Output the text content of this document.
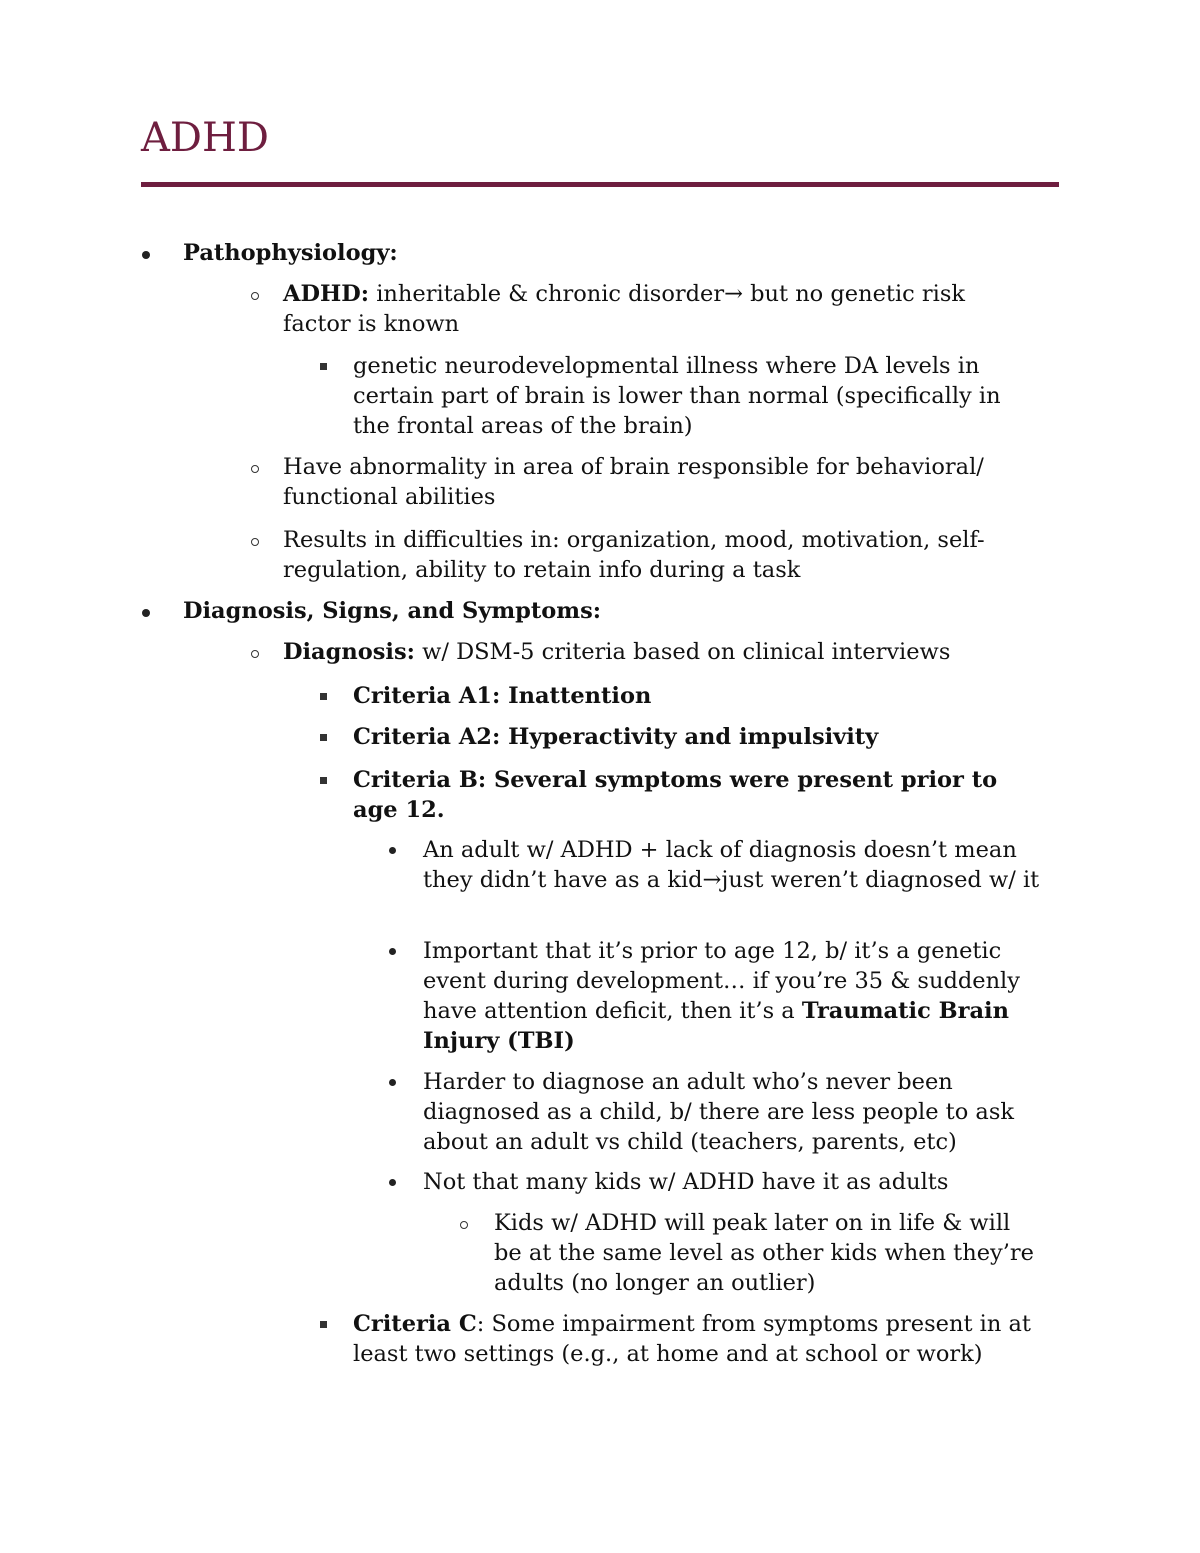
ADHD
Pathophysiology:
ADHD: inheritable & chronic disorder→ but no genetic risk factor is known
genetic neurodevelopmental illness where DA levels in certain part of brain is lower than normal (specifically in the frontal areas of the brain)
Have abnormality in area of brain responsible for behavioral/ functional abilities
Results in difficulties in: organization, mood, motivation, self-regulation, ability to retain info during a task
Diagnosis, Signs, and Symptoms:
Diagnosis: w/ DSM-5 criteria based on clinical interviews
Criteria A1: Inattention
Criteria A2: Hyperactivity and impulsivity
Criteria B: Several symptoms were present prior to age 12.
An adult w/ ADHD + lack of diagnosis doesn’t mean they didn’t have as a kid→just weren’t diagnosed w/ it
Important that it’s prior to age 12, b/ it’s a genetic event during development… if you’re 35 & suddenly have attention deficit, then it’s a Traumatic Brain Injury (TBI)
Harder to diagnose an adult who’s never been diagnosed as a child, b/ there are less people to ask about an adult vs child (teachers, parents, etc)
Not that many kids w/ ADHD have it as adults
Kids w/ ADHD will peak later on in life & will be at the same level as other kids when they’re adults (no longer an outlier)
Criteria C: Some impairment from symptoms present in at least two settings (e.g., at home and at school or work)
